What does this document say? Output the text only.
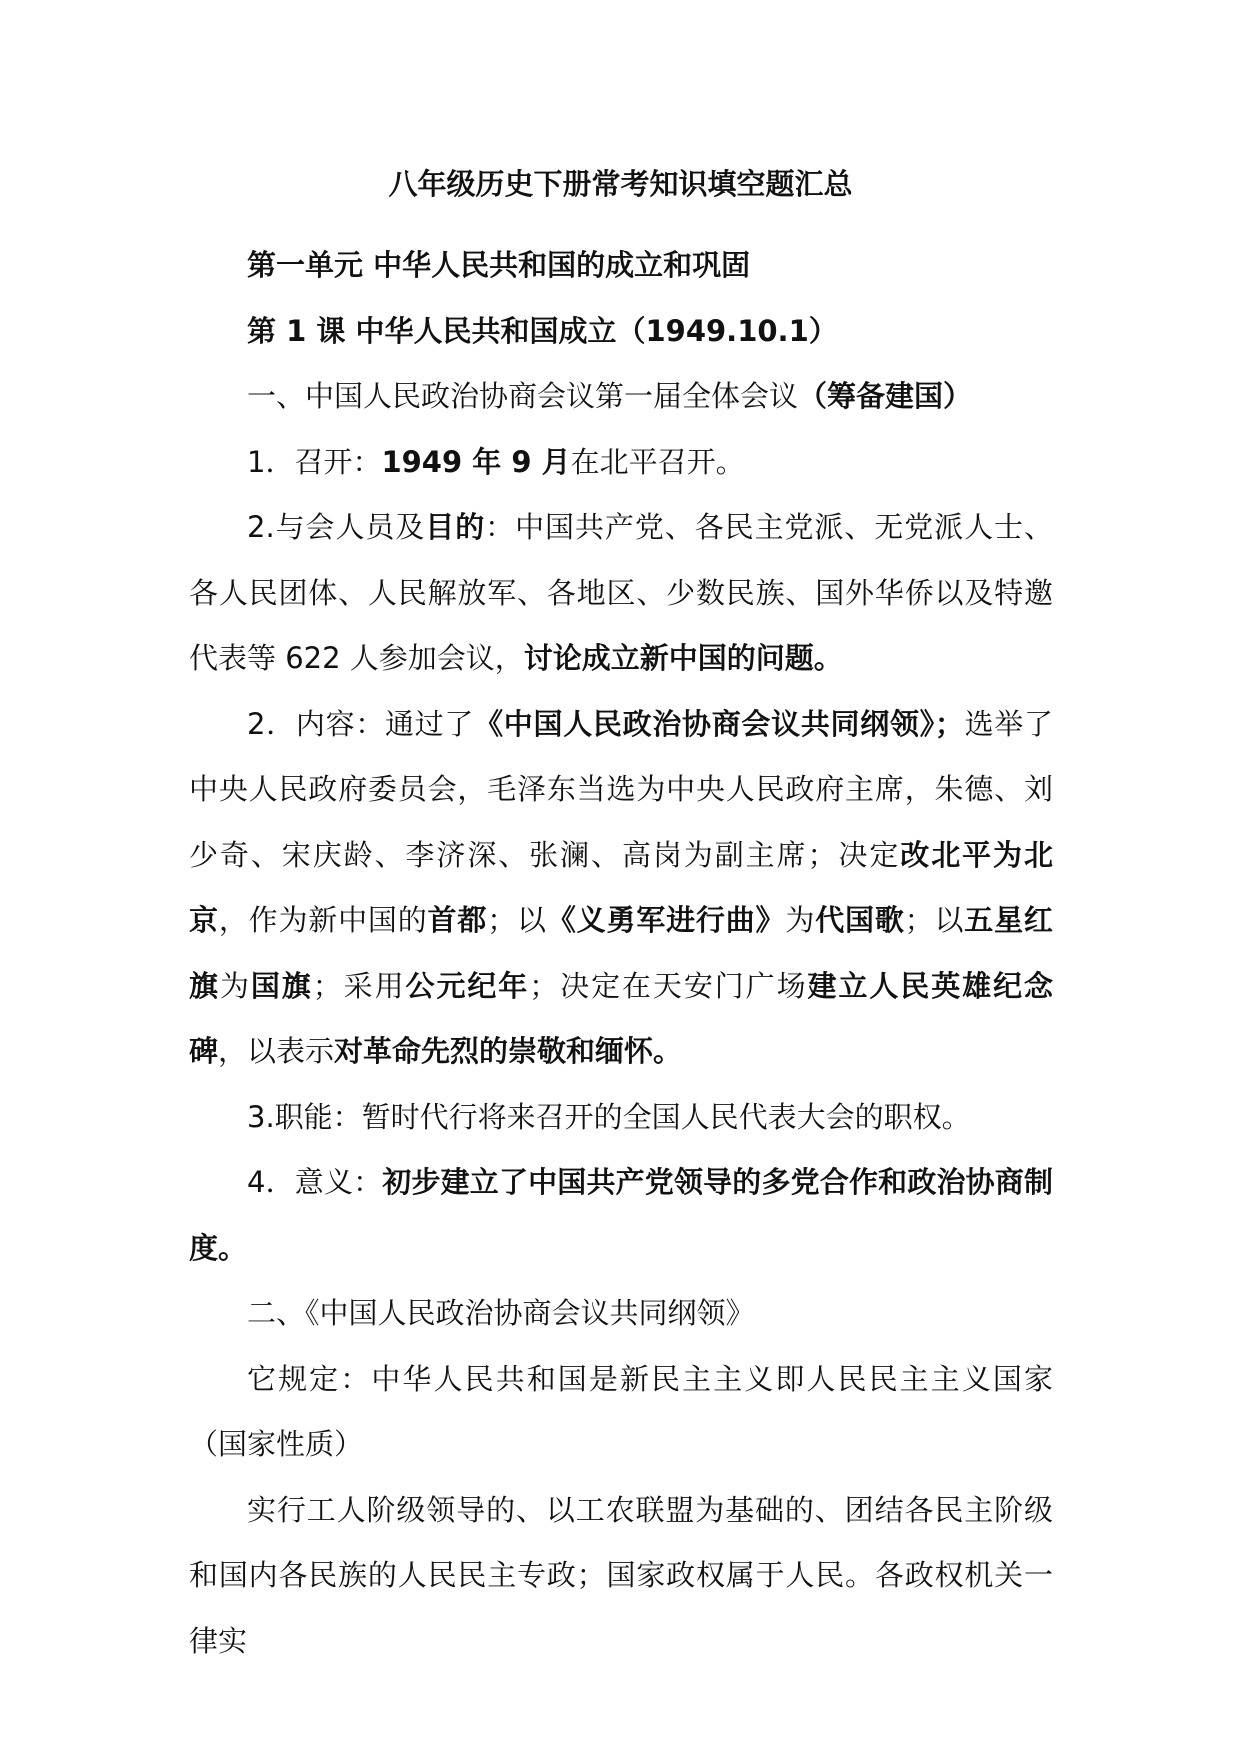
八年级历史下册常考知识填空题汇总

第一单元 中华人民共和国的成立和巩固

第 1 课 中华人民共和国成立（1949.10.1）

一、中国人民政治协商会议第一届全体会议（筹备建国）

1．召开：1949 年 9 月在北平召开。

2.与会人员及目的：中国共产党、各民主党派、无党派人士、各人民团体、人民解放军、各地区、少数民族、国外华侨以及特邀代表等 622 人参加会议，讨论成立新中国的问题。

2．内容：通过了《中国人民政治协商会议共同纲领》；选举了中央人民政府委员会，毛泽东当选为中央人民政府主席，朱德、刘少奇、宋庆龄、李济深、张澜、高岗为副主席；决定改北平为北京，作为新中国的首都；以《义勇军进行曲》为代国歌；以五星红旗为国旗；采用公元纪年；决定在天安门广场建立人民英雄纪念碑，以表示对革命先烈的崇敬和缅怀。

3.职能：暂时代行将来召开的全国人民代表大会的职权。

4．意义：初步建立了中国共产党领导的多党合作和政治协商制度。

二、《中国人民政治协商会议共同纲领》

它规定：中华人民共和国是新民主主义即人民民主主义国家（国家性质）

实行工人阶级领导的、以工农联盟为基础的、团结各民主阶级和国内各民族的人民民主专政；国家政权属于人民。各政权机关一律实
